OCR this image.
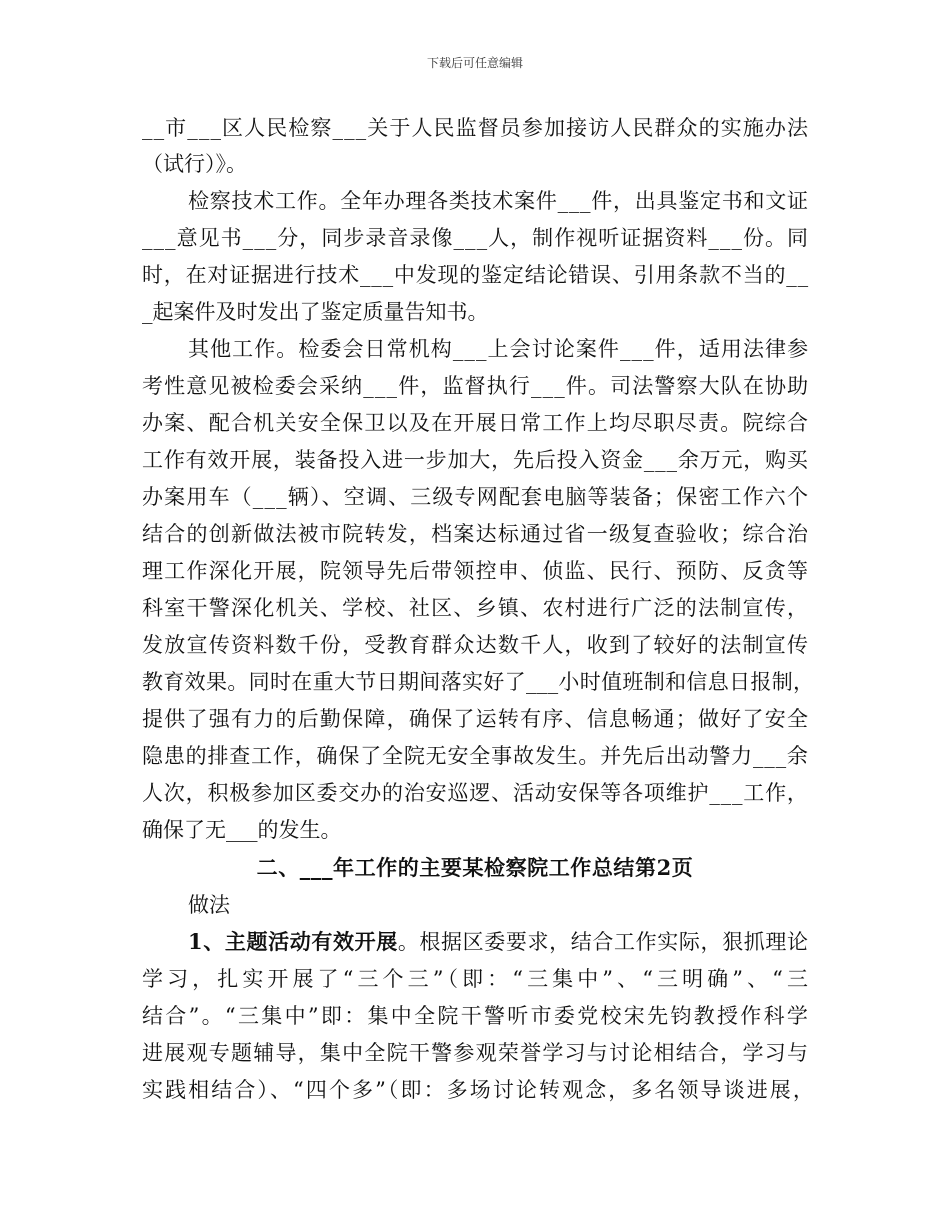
下载后可任意编辑
__市___区人民检察___关于人民监督员参加接访人民群众的实施办法
（试行）》。
检察技术工作。全年办理各类技术案件___件，出具鉴定书和文证
___意见书___分，同步录音录像___人，制作视听证据资料___份。同
时，在对证据进行技术___中发现的鉴定结论错误、引用条款不当的__
_起案件及时发出了鉴定质量告知书。
其他工作。检委会日常机构___上会讨论案件___件，适用法律参
考性意见被检委会采纳___件，监督执行___件。司法警察大队在协助
办案、配合机关安全保卫以及在开展日常工作上均尽职尽责。院综合
工作有效开展，装备投入进一步加大，先后投入资金___余万元，购买
办案用车（___辆）、空调、三级专网配套电脑等装备；保密工作六个
结合的创新做法被市院转发，档案达标通过省一级复查验收；综合治
理工作深化开展，院领导先后带领控申、侦监、民行、预防、反贪等
科室干警深化机关、学校、社区、乡镇、农村进行广泛的法制宣传，
发放宣传资料数千份，受教育群众达数千人，收到了较好的法制宣传
教育效果。同时在重大节日期间落实好了___小时值班制和信息日报制，
提供了强有力的后勤保障，确保了运转有序、信息畅通；做好了安全
隐患的排查工作，确保了全院无安全事故发生。并先后出动警力___余
人次，积极参加区委交办的治安巡逻、活动安保等各项维护___工作，
确保了无___的发生。
二、___年工作的主要某检察院工作总结第2页
做法
1、主题活动有效开展。根据区委要求，结合工作实际，狠抓理论
学习，扎实开展了“三个三”（即：“三集中”、“三明确”、“三
结合”。“三集中”即：集中全院干警听市委党校宋先钧教授作科学
进展观专题辅导，集中全院干警参观荣誉学习与讨论相结合，学习与
实践相结合）、“四个多”（即：多场讨论转观念，多名领导谈进展，
